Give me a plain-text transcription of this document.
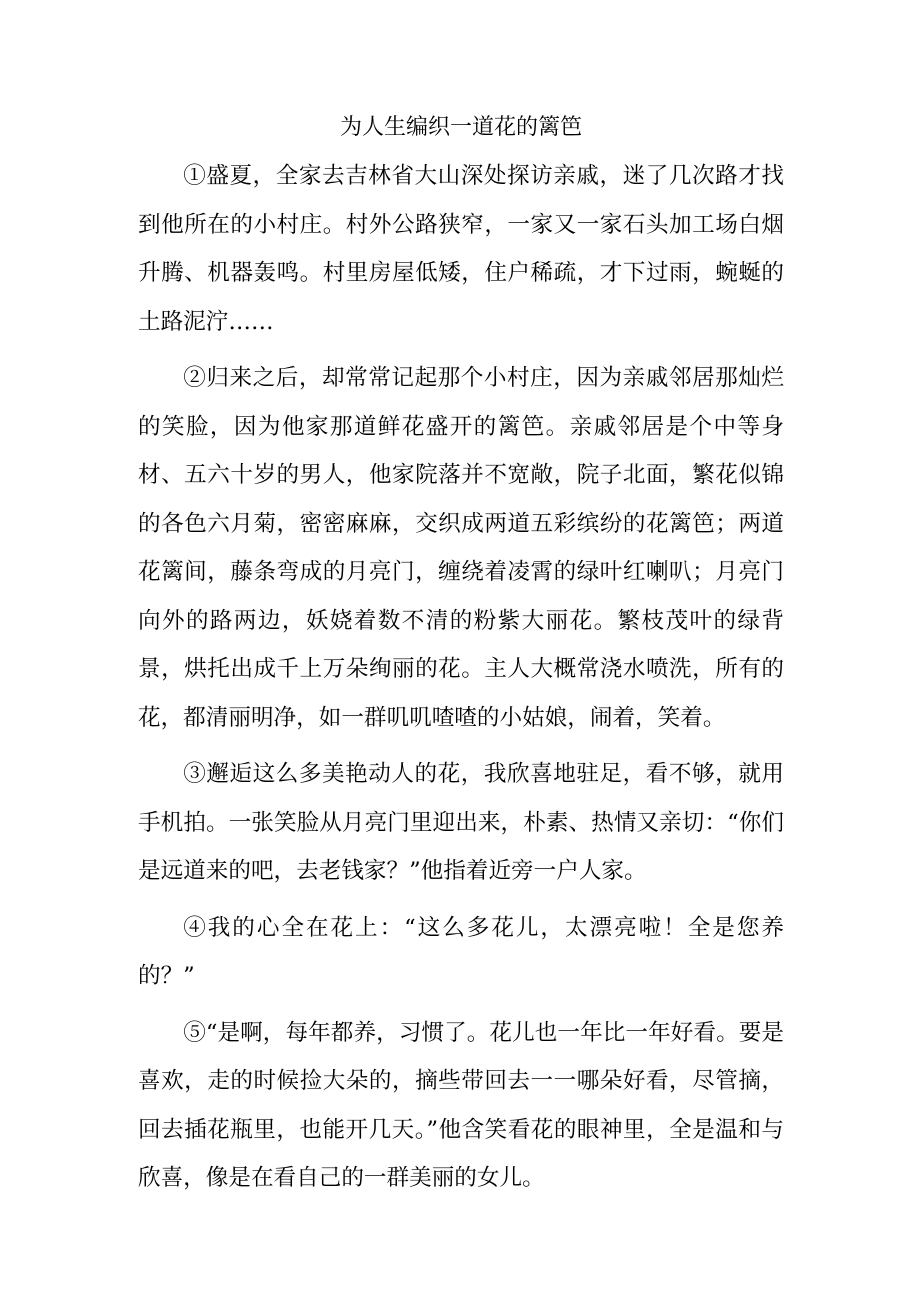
为人生编织一道花的篱笆

①盛夏，全家去吉林省大山深处探访亲戚，迷了几次路才找到他所在的小村庄。村外公路狭窄，一家又一家石头加工场白烟升腾、机器轰鸣。村里房屋低矮，住户稀疏，才下过雨，蜿蜒的土路泥泞……

②归来之后，却常常记起那个小村庄，因为亲戚邻居那灿烂的笑脸，因为他家那道鲜花盛开的篱笆。亲戚邻居是个中等身材、五六十岁的男人，他家院落并不宽敞，院子北面，繁花似锦的各色六月菊，密密麻麻，交织成两道五彩缤纷的花篱笆；两道花篱间，藤条弯成的月亮门，缠绕着凌霄的绿叶红喇叭；月亮门向外的路两边，妖娆着数不清的粉紫大丽花。繁枝茂叶的绿背景，烘托出成千上万朵绚丽的花。主人大概常浇水喷洗，所有的花，都清丽明净，如一群叽叽喳喳的小姑娘，闹着，笑着。

③邂逅这么多美艳动人的花，我欣喜地驻足，看不够，就用手机拍。一张笑脸从月亮门里迎出来，朴素、热情又亲切：“你们是远道来的吧，去老钱家？”他指着近旁一户人家。

④我的心全在花上：“这么多花儿，太漂亮啦！全是您养的？”

⑤“是啊，每年都养，习惯了。花儿也一年比一年好看。要是喜欢，走的时候捡大朵的，摘些带回去一一哪朵好看，尽管摘，回去插花瓶里，也能开几天。”他含笑看花的眼神里，全是温和与欣喜，像是在看自己的一群美丽的女儿。
